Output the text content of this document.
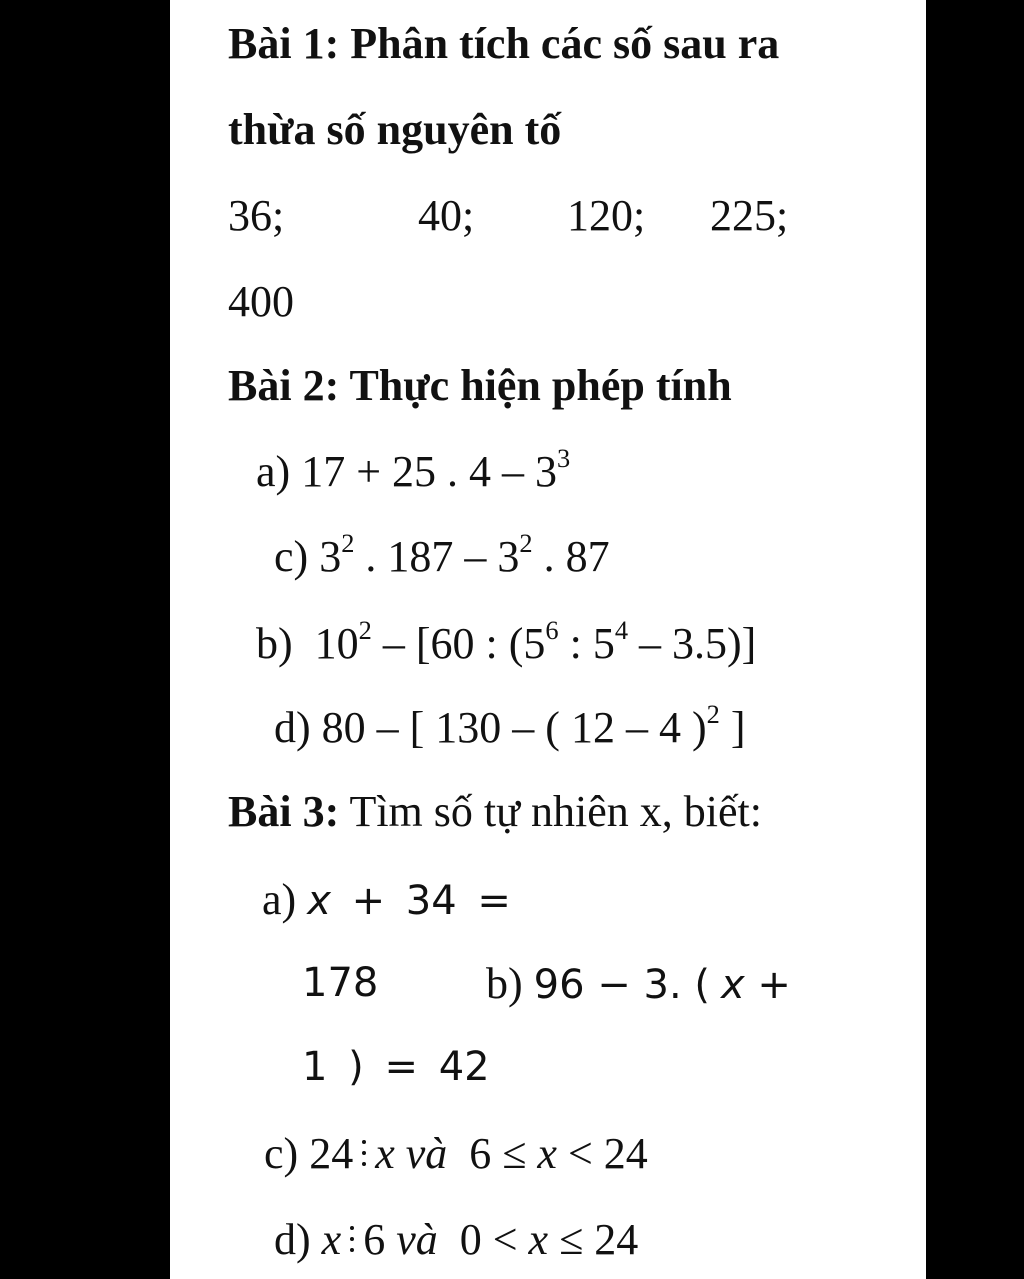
Bài 1: Phân tích các số sau ra
thừa số nguyên tố
36;	40; 120; 225;
400
Bài 2: Thực hiện phép tính
a) 17 + 25 . $4 - 3^3$
c) $3^2$ . $187 - 3^2$ . 87
b) $10^2 - [60$ : ($5^6$ : $5^4 - 3.5$)]
d) 80 – [ 130 – ( 12 – 4 )$^2$ ]
Bài 3: Tìm số tự nhiên x, biết:
a) x + 34 =
178 b) 96 − 3. ( x +
1 ) = 42
c) 24 x và 6 ≤ x < 24
d) x 6 và 0 < x ≤ 24
